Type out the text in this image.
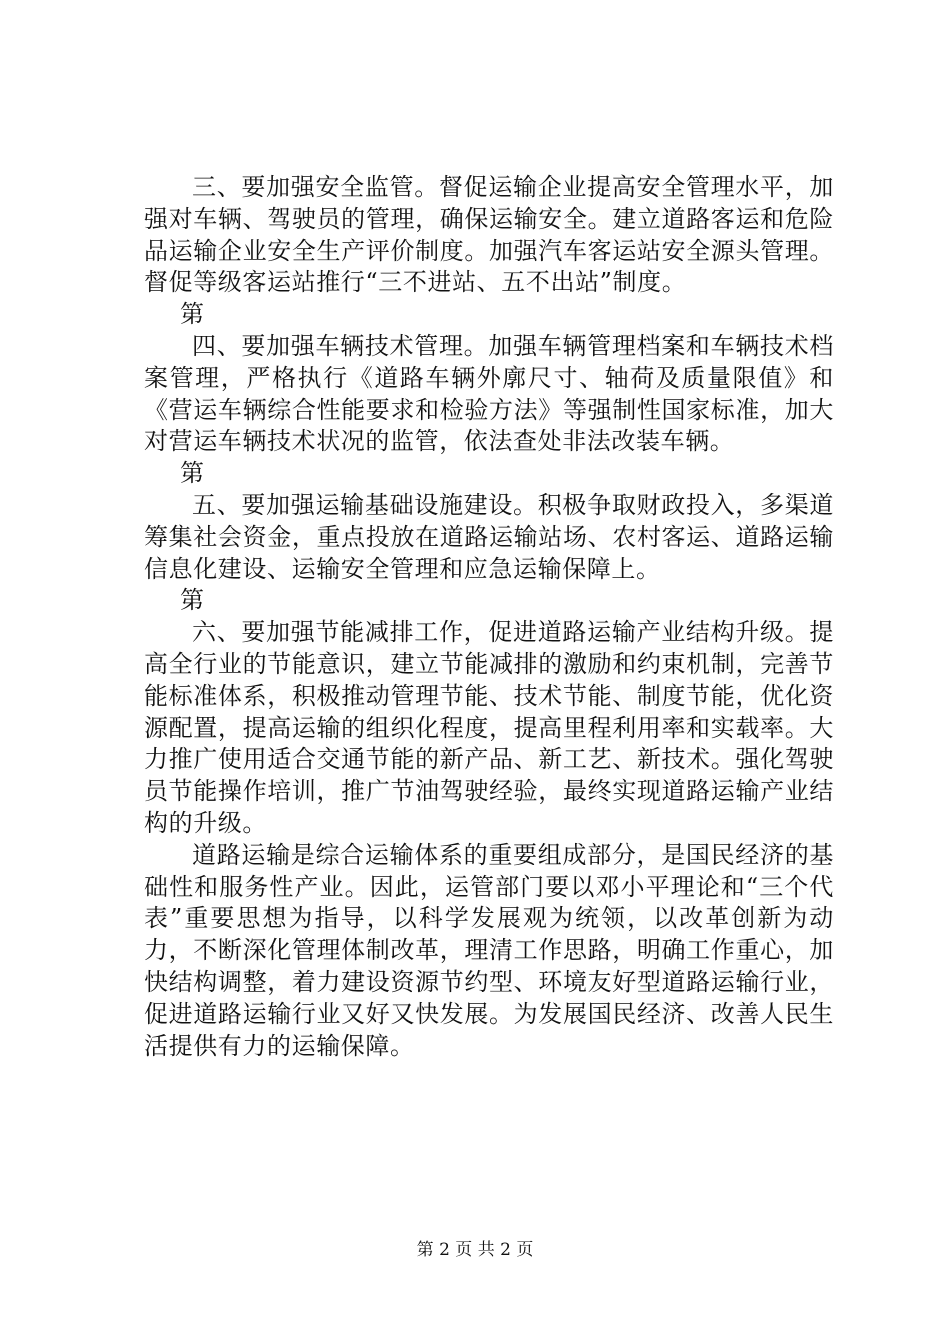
三、要加强安全监管。督促运输企业提高安全管理水平，加强对车辆、驾驶员的管理，确保运输安全。建立道路客运和危险品运输企业安全生产评价制度。加强汽车客运站安全源头管理。督促等级客运站推行“三不进站、五不出站”制度。

第

四、要加强车辆技术管理。加强车辆管理档案和车辆技术档案管理，严格执行《道路车辆外廓尺寸、轴荷及质量限值》和《营运车辆综合性能要求和检验方法》等强制性国家标准，加大对营运车辆技术状况的监管，依法查处非法改装车辆。

第

五、要加强运输基础设施建设。积极争取财政投入，多渠道筹集社会资金，重点投放在道路运输站场、农村客运、道路运输信息化建设、运输安全管理和应急运输保障上。

第

六、要加强节能减排工作，促进道路运输产业结构升级。提高全行业的节能意识，建立节能减排的激励和约束机制，完善节能标准体系，积极推动管理节能、技术节能、制度节能，优化资源配置，提高运输的组织化程度，提高里程利用率和实载率。大力推广使用适合交通节能的新产品、新工艺、新技术。强化驾驶员节能操作培训，推广节油驾驶经验，最终实现道路运输产业结构的升级。

道路运输是综合运输体系的重要组成部分，是国民经济的基础性和服务性产业。因此，运管部门要以邓小平理论和“三个代表”重要思想为指导，以科学发展观为统领，以改革创新为动力，不断深化管理体制改革，理清工作思路，明确工作重心，加快结构调整，着力建设资源节约型、环境友好型道路运输行业，促进道路运输行业又好又快发展。为发展国民经济、改善人民生活提供有力的运输保障。

第 2 页 共 2 页
